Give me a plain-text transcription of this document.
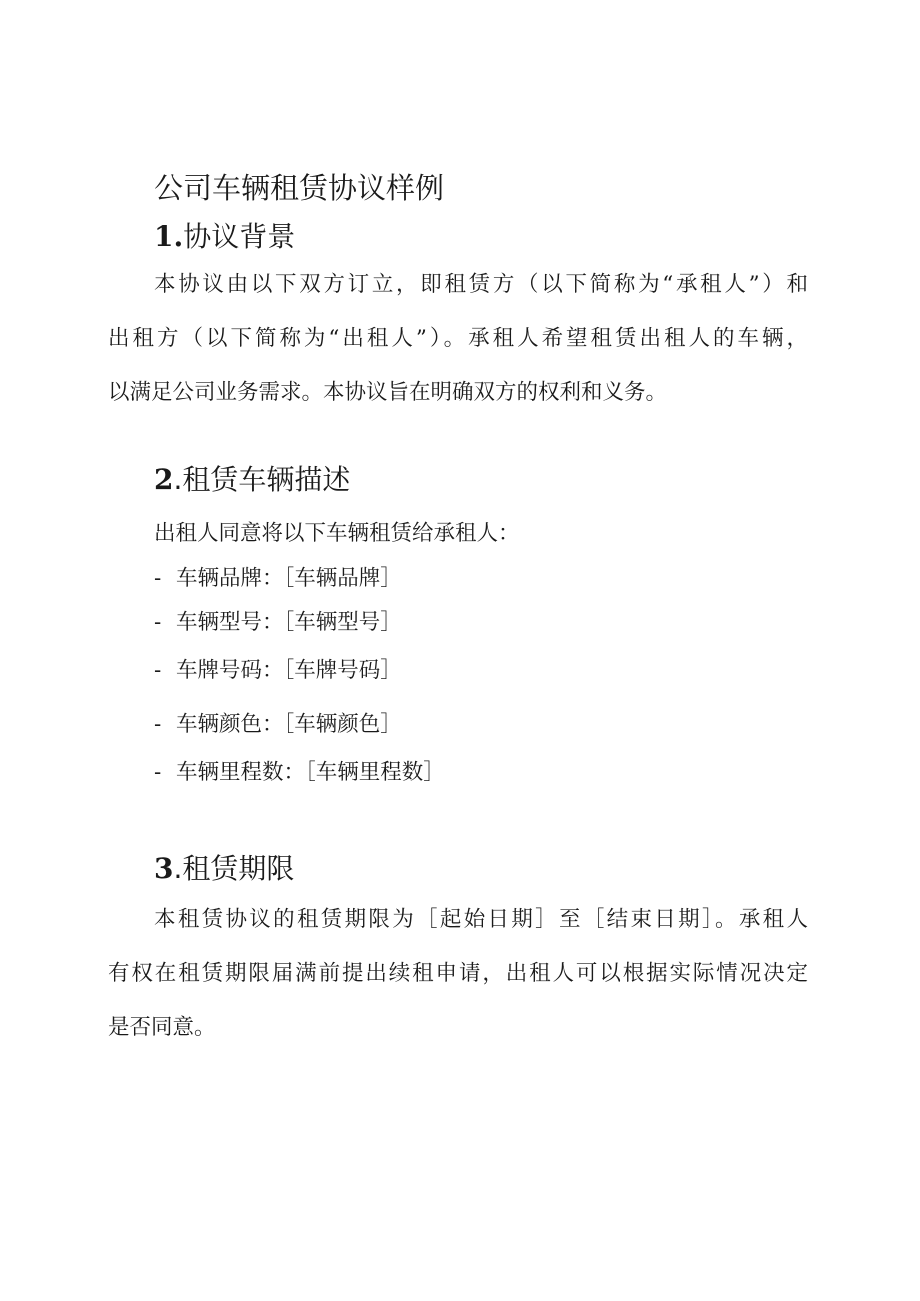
公司车辆租赁协议样例
1.协议背景
本协议由以下双方订立，即租赁方（以下简称为“承租人”）和
出租方（以下简称为“出租人”）。承租人希望租赁出租人的车辆，
以满足公司业务需求。本协议旨在明确双方的权利和义务。
2.租赁车辆描述
出租人同意将以下车辆租赁给承租人：
- 车辆品牌：［车辆品牌］
- 车辆型号：［车辆型号］
- 车牌号码：［车牌号码］
- 车辆颜色：［车辆颜色］
- 车辆里程数：［车辆里程数］
3.租赁期限
本租赁协议的租赁期限为［起始日期］至［结束日期］。承租人
有权在租赁期限届满前提出续租申请，出租人可以根据实际情况决定
是否同意。
